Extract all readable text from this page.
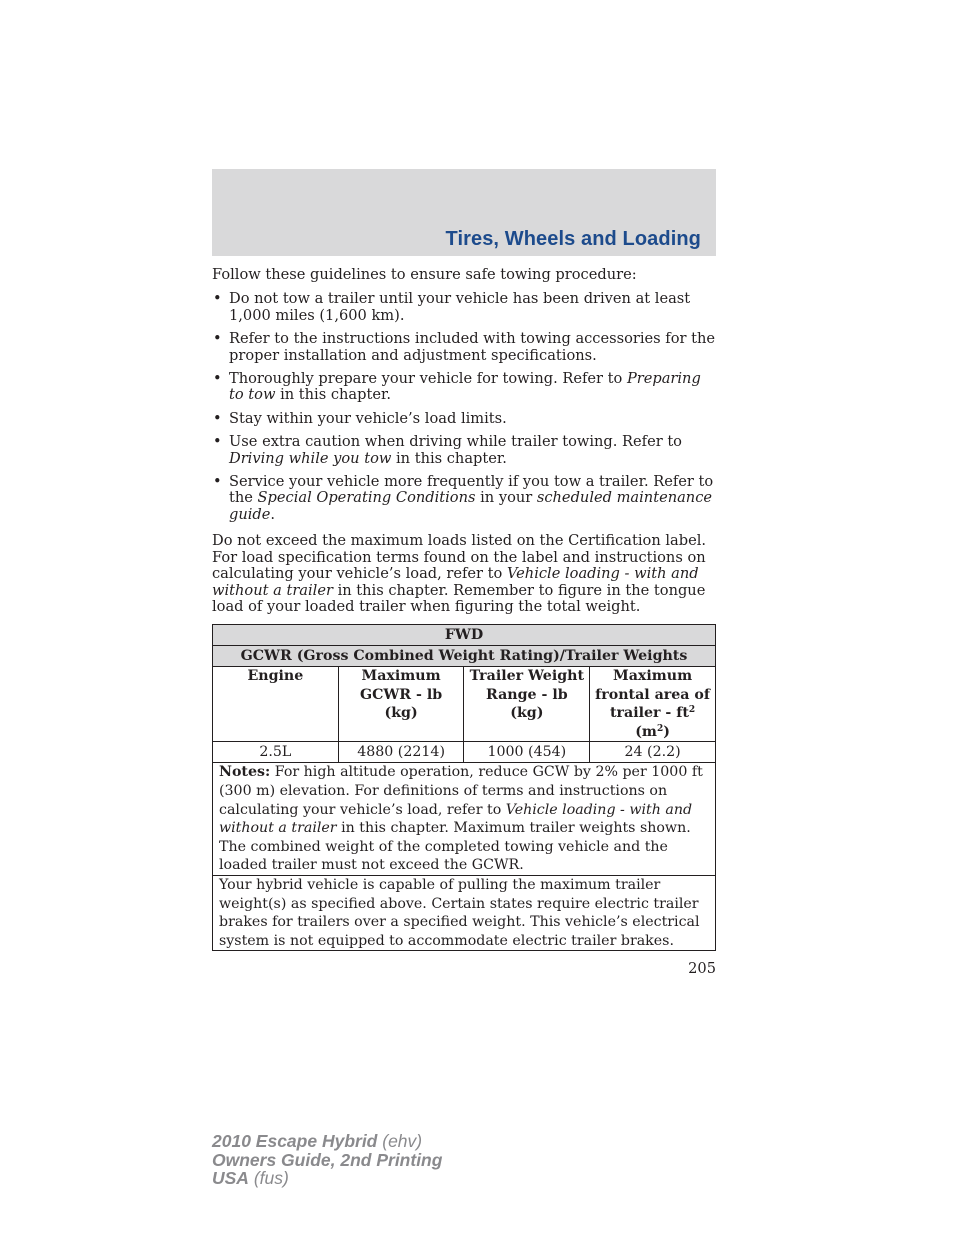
Tires, Wheels and Loading

Follow these guidelines to ensure safe towing procedure:

• Do not tow a trailer until your vehicle has been driven at least 1,000 miles (1,600 km).
• Refer to the instructions included with towing accessories for the proper installation and adjustment specifications.
• Thoroughly prepare your vehicle for towing. Refer to Preparing to tow in this chapter.
• Stay within your vehicle’s load limits.
• Use extra caution when driving while trailer towing. Refer to Driving while you tow in this chapter.
• Service your vehicle more frequently if you tow a trailer. Refer to the Special Operating Conditions in your scheduled maintenance guide.

Do not exceed the maximum loads listed on the Certification label. For load specification terms found on the label and instructions on calculating your vehicle’s load, refer to Vehicle loading - with and without a trailer in this chapter. Remember to figure in the tongue load of your loaded trailer when figuring the total weight.

FWD			
GCWR (Gross Combined Weight Rating)/Trailer Weights			
Engine	Maximum GCWR - lb (kg)	Trailer Weight Range - lb (kg)	Maximum frontal area of trailer - $ft^2$
$(m^2)$
2.5L	4880 (2214)	1000 (454)	24 (2.2)
Notes: For high altitude operation, reduce GCW by 2% per 1000 ft (300 m) elevation. For definitions of terms and instructions on calculating your vehicle’s load, refer to Vehicle loading - with and without a trailer in this chapter. Maximum trailer weights shown. The combined weight of the completed towing vehicle and the loaded trailer must not exceed the GCWR.			
Your hybrid vehicle is capable of pulling the maximum trailer weight(s) as specified above. Certain states require electric trailer brakes for trailers over a specified weight. This vehicle’s electrical system is not equipped to accommodate electric trailer brakes.			
205
2010 Escape Hybrid (ehv)
Owners Guide, 2nd Printing
USA (fus)
